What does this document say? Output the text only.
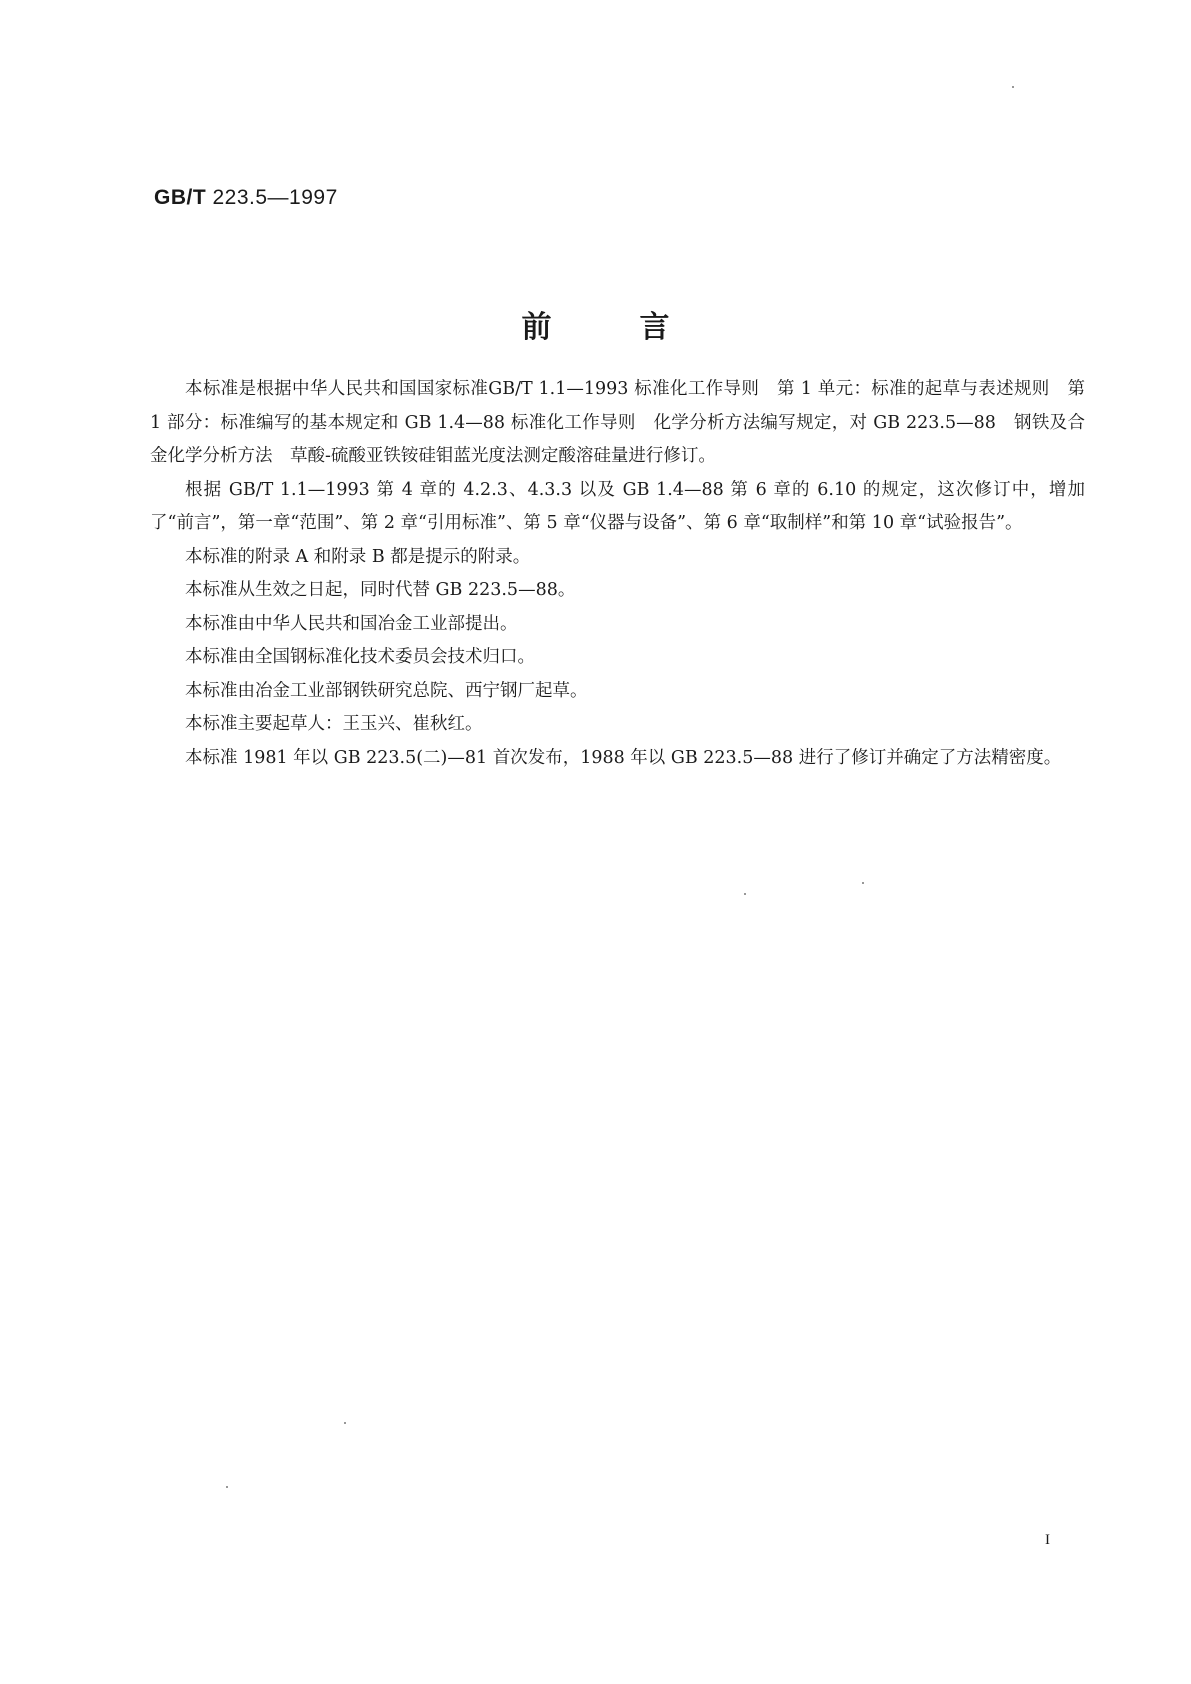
GB/T 223.5—1997
前言

本标准是根据中华人民共和国国家标准GB/T 1.1—1993 标准化工作导则　第 1 单元：标准的起草与表述规则　第 1 部分：标准编写的基本规定和 GB 1.4—88 标准化工作导则　化学分析方法编写规定，对 GB 223.5—88　钢铁及合金化学分析方法　草酸-硫酸亚铁铵硅钼蓝光度法测定酸溶硅量进行修订。

根据 GB/T 1.1—1993 第 4 章的 4.2.3、4.3.3 以及 GB 1.4—88 第 6 章的 6.10 的规定，这次修订中，增加了“前言”，第一章“范围”、第 2 章“引用标准”、第 5 章“仪器与设备”、第 6 章“取制样”和第 10 章“试验报告”。

本标准的附录 A 和附录 B 都是提示的附录。

本标准从生效之日起，同时代替 GB 223.5—88。

本标准由中华人民共和国冶金工业部提出。

本标准由全国钢标准化技术委员会技术归口。

本标准由冶金工业部钢铁研究总院、西宁钢厂起草。

本标准主要起草人：王玉兴、崔秋红。

本标准 1981 年以 GB 223.5(二)—81 首次发布，1988 年以 GB 223.5—88 进行了修订并确定了方法精密度。

I
